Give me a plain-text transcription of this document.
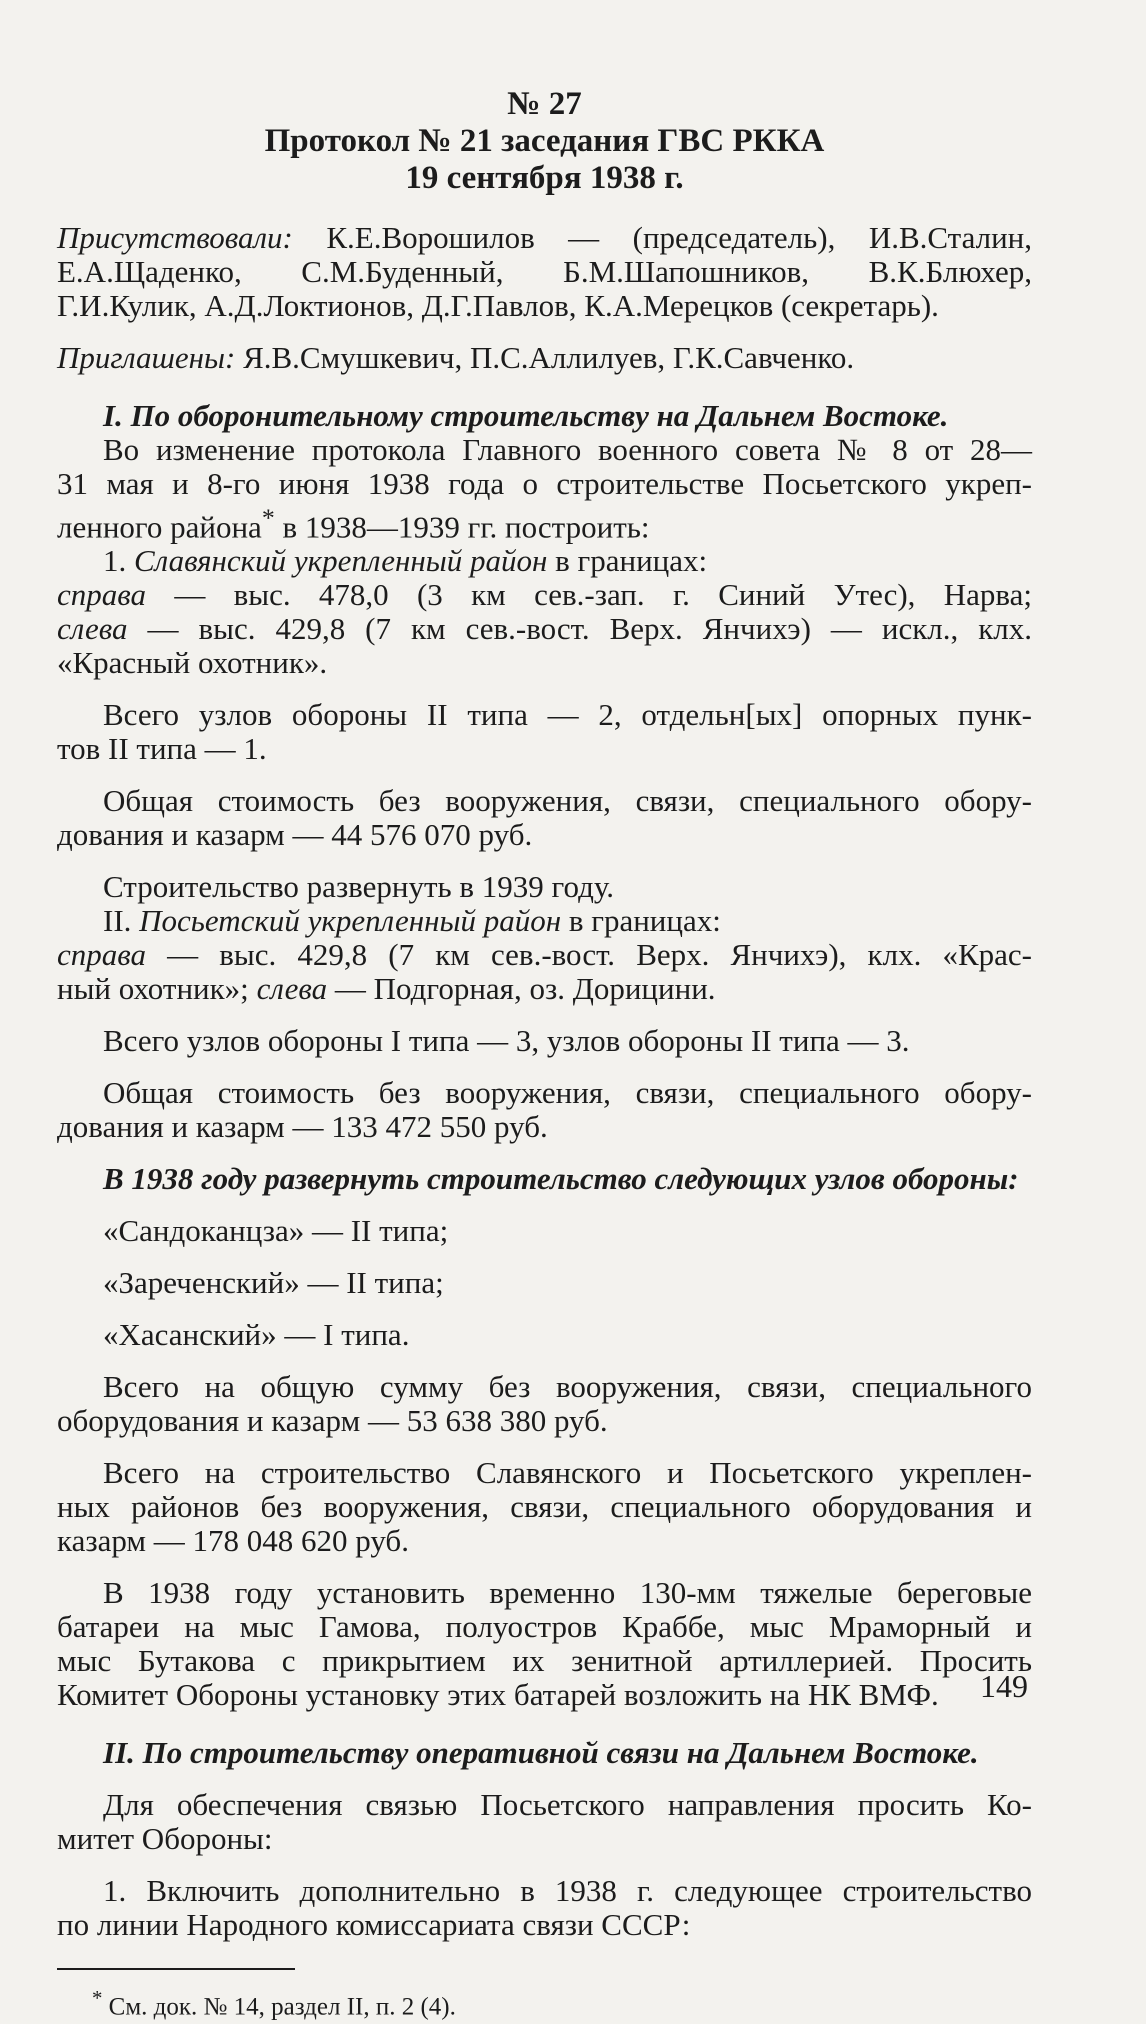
№ 27

Протокол № 21 заседания ГВС РККА

19 сентября 1938 г.

Присутствовали: К.Е.Ворошилов — (председатель), И.В.Сталин,

Е.А.Щаденко, С.М.Буденный, Б.М.Шапошников, В.К.Блюхер,

Г.И.Кулик, А.Д.Локтионов, Д.Г.Павлов, К.А.Мерецков (секретарь).

Приглашены: Я.В.Смушкевич, П.С.Аллилуев, Г.К.Савченко.

I. По оборонительному строительству на Дальнем Востоке.

Во изменение протокола Главного военного совета № 8 от 28—

31 мая и 8-го июня 1938 года о строительстве Посьетского укреп-

ленного района* в 1938—1939 гг. построить:

1. Славянский укрепленный район в границах:

справа — выс. 478,0 (3 км сев.-зап. г. Синий Утес), Нарва;

слева — выс. 429,8 (7 км сев.-вост. Верх. Янчихэ) — искл., клх.

«Красный охотник».

Всего узлов обороны II типа — 2, отдельн[ых] опорных пунк-

тов II типа — 1.

Общая стоимость без вооружения, связи, специального обору-

дования и казарм — 44 576 070 руб.

Строительство развернуть в 1939 году.

II. Посьетский укрепленный район в границах:

справа — выс. 429,8 (7 км сев.-вост. Верх. Янчихэ), клх. «Крас-

ный охотник»; слева — Подгорная, оз. Дорицини.

Всего узлов обороны I типа — 3, узлов обороны II типа — 3.

Общая стоимость без вооружения, связи, специального обору-

дования и казарм — 133 472 550 руб.

В 1938 году развернуть строительство следующих узлов обороны:

«Сандоканцза» — II типа;

«Зареченский» — II типа;

«Хасанский» — I типа.

Всего на общую сумму без вооружения, связи, специального

оборудования и казарм — 53 638 380 руб.

Всего на строительство Славянского и Посьетского укреплен-

ных районов без вооружения, связи, специального оборудования и

казарм — 178 048 620 руб.

В 1938 году установить временно 130-мм тяжелые береговые

батареи на мыс Гамова, полуостров Краббе, мыс Мраморный и

мыс Бутакова с прикрытием их зенитной артиллерией. Просить

Комитет Обороны установку этих батарей возложить на НК ВМФ.

II. По строительству оперативной связи на Дальнем Востоке.

Для обеспечения связью Посьетского направления просить Ко-

митет Обороны:

1. Включить дополнительно в 1938 г. следующее строительство

по линии Народного комиссариата связи СССР:

* См. док. № 14, раздел II, п. 2 (4).

149
